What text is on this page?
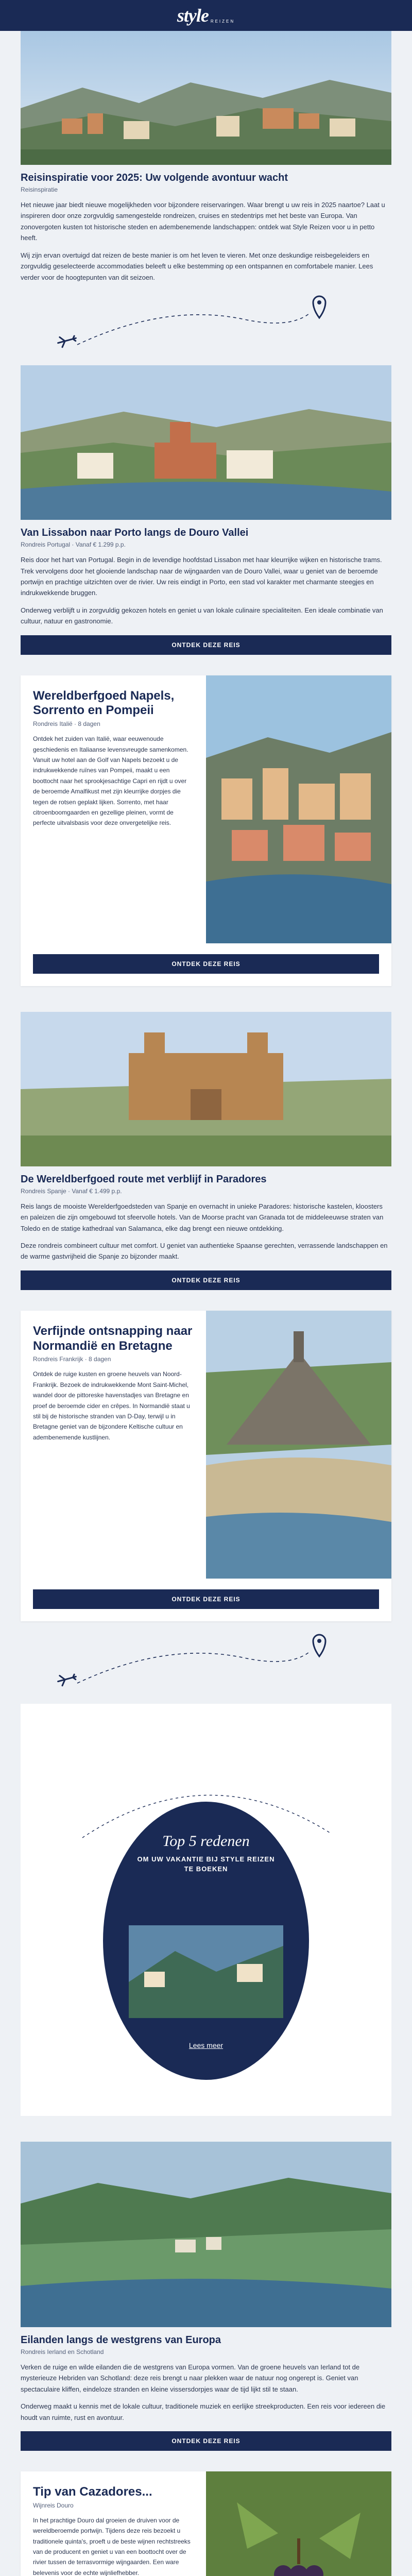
style REIZEN
Reisinspiratie voor 2025: Uw volgende avontuur wacht
Reisinspiratie

Het nieuwe jaar biedt nieuwe mogelijkheden voor bijzondere reiservaringen. Waar brengt u uw reis in 2025 naartoe? Laat u inspireren door onze zorgvuldig samengestelde rondreizen, cruises en stedentrips met het beste van Europa. Van zonovergoten kusten tot historische steden en adembenemende landschappen: ontdek wat Style Reizen voor u in petto heeft.

Wij zijn ervan overtuigd dat reizen de beste manier is om het leven te vieren. Met onze deskundige reisbegeleiders en zorgvuldig geselecteerde accommodaties beleeft u elke bestemming op een ontspannen en comfortabele manier. Lees verder voor de hoogtepunten van dit seizoen.

Van Lissabon naar Porto langs de Douro Vallei
Rondreis Portugal · Vanaf € 1.299 p.p.

Reis door het hart van Portugal. Begin in de levendige hoofdstad Lissabon met haar kleurrijke wijken en historische trams. Trek vervolgens door het glooiende landschap naar de wijngaarden van de Douro Vallei, waar u geniet van de beroemde portwijn en prachtige uitzichten over de rivier. Uw reis eindigt in Porto, een stad vol karakter met charmante steegjes en indrukwekkende bruggen.

Onderweg verblijft u in zorgvuldig gekozen hotels en geniet u van lokale culinaire specialiteiten. Een ideale combinatie van cultuur, natuur en gastronomie.

ONTDEK DEZE REIS
Wereldberfgoed Napels, Sorrento en Pompeii
Rondreis Italië · 8 dagen

Ontdek het zuiden van Italië, waar eeuwenoude geschiedenis en Italiaanse levensvreugde samenkomen. Vanuit uw hotel aan de Golf van Napels bezoekt u de indrukwekkende ruïnes van Pompeii, maakt u een boottocht naar het sprookjesachtige Capri en rijdt u over de beroemde Amalfikust met zijn kleurrijke dorpjes die tegen de rotsen geplakt lijken. Sorrento, met haar citroenboomgaarden en gezellige pleinen, vormt de perfecte uitvalsbasis voor deze onvergetelijke reis.

ONTDEK DEZE REIS
De Wereldberfgoed route met verblijf in Paradores
Rondreis Spanje · Vanaf € 1.499 p.p.

Reis langs de mooiste Werelderfgoedsteden van Spanje en overnacht in unieke Paradores: historische kastelen, kloosters en paleizen die zijn omgebouwd tot sfeervolle hotels. Van de Moorse pracht van Granada tot de middeleeuwse straten van Toledo en de statige kathedraal van Salamanca, elke dag brengt een nieuwe ontdekking.

Deze rondreis combineert cultuur met comfort. U geniet van authentieke Spaanse gerechten, verrassende landschappen en de warme gastvrijheid die Spanje zo bijzonder maakt.

ONTDEK DEZE REIS
Verfijnde ontsnapping naar Normandië en Bretagne
Rondreis Frankrijk · 8 dagen

Ontdek de ruige kusten en groene heuvels van Noord-Frankrijk. Bezoek de indrukwekkende Mont Saint-Michel, wandel door de pittoreske havenstadjes van Bretagne en proef de beroemde cider en crêpes. In Normandië staat u stil bij de historische stranden van D-Day, terwijl u in Bretagne geniet van de bijzondere Keltische cultuur en adembenemende kustlijnen.

ONTDEK DEZE REIS
Top 5 redenen
OM UW VAKANTIE BIJ STYLE REIZEN TE BOEKEN
Lees meer
Eilanden langs de westgrens van Europa
Rondreis Ierland en Schotland

Verken de ruige en wilde eilanden die de westgrens van Europa vormen. Van de groene heuvels van Ierland tot de mysterieuze Hebriden van Schotland: deze reis brengt u naar plekken waar de natuur nog ongerept is. Geniet van spectaculaire kliffen, eindeloze stranden en kleine vissersdorpjes waar de tijd lijkt stil te staan.

Onderweg maakt u kennis met de lokale cultuur, traditionele muziek en eerlijke streekproducten. Een reis voor iedereen die houdt van ruimte, rust en avontuur.

ONTDEK DEZE REIS
Tip van Cazadores...
Wijnreis Douro

In het prachtige Douro dal groeien de druiven voor de wereldberoemde portwijn. Tijdens deze reis bezoekt u traditionele quinta's, proeft u de beste wijnen rechtstreeks van de producent en geniet u van een boottocht over de rivier tussen de terrasvormige wijngaarden. Een ware belevenis voor de echte wijnliefhebber.
